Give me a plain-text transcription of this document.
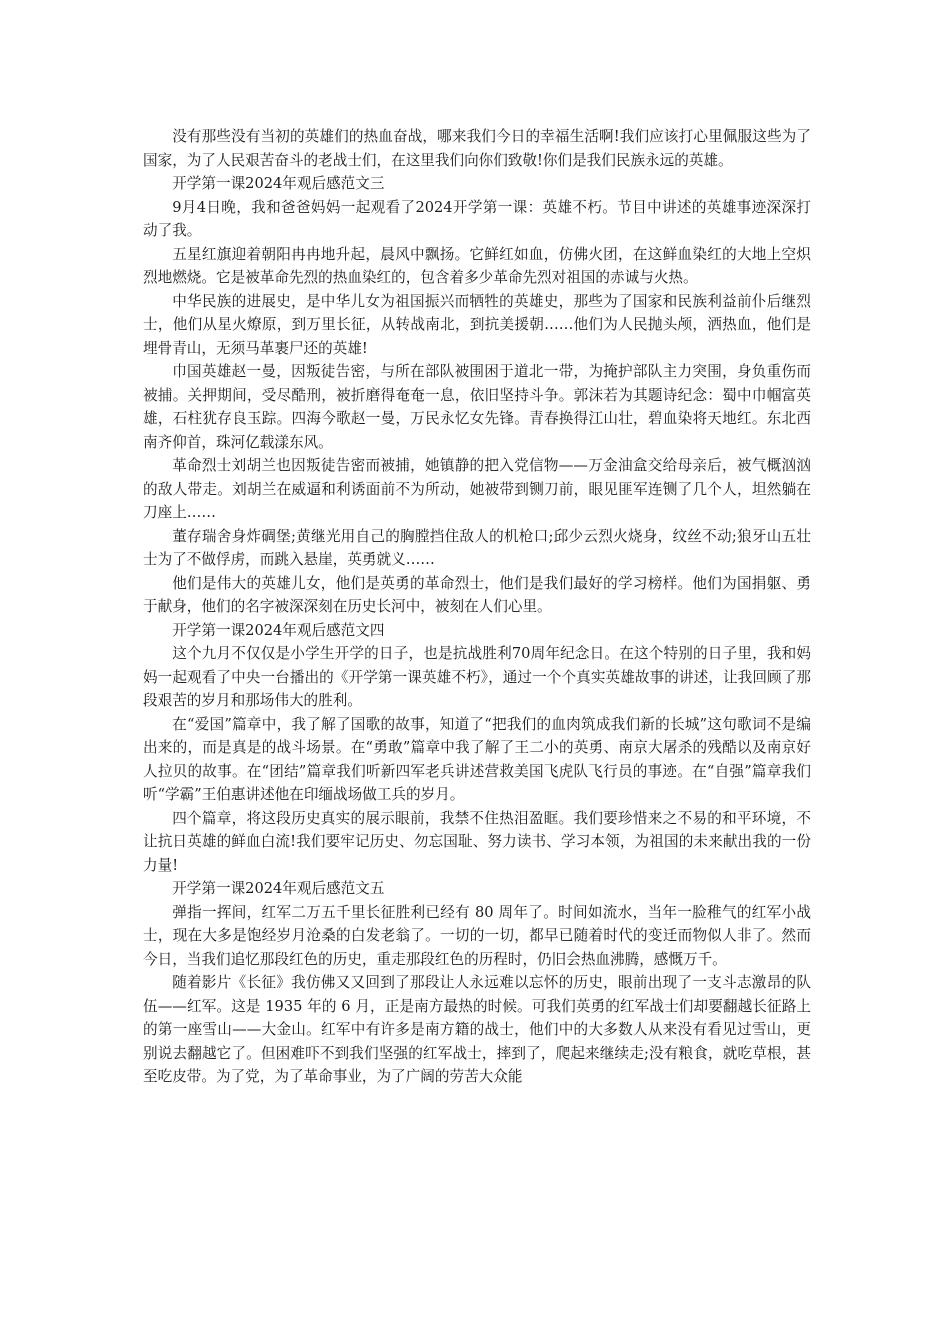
没有那些没有当初的英雄们的热血奋战，哪来我们今日的幸福生活啊!我们应该打心里佩服这些为了国家，为了人民艰苦奋斗的老战士们，在这里我们向你们致敬!你们是我们民族永远的英雄。

开学第一课2024年观后感范文三

9月4日晚，我和爸爸妈妈一起观看了2024开学第一课：英雄不朽。节目中讲述的英雄事迹深深打动了我。

五星红旗迎着朝阳冉冉地升起，晨风中飘扬。它鲜红如血，仿佛火团，在这鲜血染红的大地上空炽烈地燃烧。它是被革命先烈的热血染红的，包含着多少革命先烈对祖国的赤诚与火热。

中华民族的进展史，是中华儿女为祖国振兴而牺牲的英雄史，那些为了国家和民族利益前仆后继烈士，他们从星火燎原，到万里长征，从转战南北，到抗美援朝……他们为人民抛头颅，洒热血，他们是埋骨青山，无须马革裹尸还的英雄!

巾国英雄赵一曼，因叛徒告密，与所在部队被围困于道北一带，为掩护部队主力突围，身负重伤而被捕。关押期间，受尽酷刑，被折磨得奄奄一息，依旧坚持斗争。郭沫若为其题诗纪念：蜀中巾帼富英雄，石柱犹存良玉踪。四海今歌赵一曼，万民永忆女先锋。青春换得江山壮，碧血染将天地红。东北西南齐仰首，珠河亿载漾东风。

革命烈士刘胡兰也因叛徒告密而被捕，她镇静的把入党信物——万金油盒交给母亲后，被气概汹汹的敌人带走。刘胡兰在威逼和利诱面前不为所动，她被带到铡刀前，眼见匪军连铡了几个人，坦然躺在刀座上……

董存瑞舍身炸碉堡;黄继光用自己的胸膛挡住敌人的机枪口;邱少云烈火烧身，纹丝不动;狼牙山五壮士为了不做俘虏，而跳入悬崖，英勇就义……

他们是伟大的英雄儿女，他们是英勇的革命烈士，他们是我们最好的学习榜样。他们为国捐躯、勇于献身，他们的名字被深深刻在历史长河中，被刻在人们心里。

开学第一课2024年观后感范文四

这个九月不仅仅是小学生开学的日子，也是抗战胜利70周年纪念日。在这个特别的日子里，我和妈妈一起观看了中央一台播出的《开学第一课英雄不朽》，通过一个个真实英雄故事的讲述，让我回顾了那段艰苦的岁月和那场伟大的胜利。

在“爱国”篇章中，我了解了国歌的故事，知道了“把我们的血肉筑成我们新的长城”这句歌词不是编出来的，而是真是的战斗场景。在“勇敢”篇章中我了解了王二小的英勇、南京大屠杀的残酷以及南京好人拉贝的故事。在“团结”篇章我们听新四军老兵讲述营救美国飞虎队飞行员的事迹。在“自强”篇章我们听“学霸”王伯惠讲述他在印缅战场做工兵的岁月。

四个篇章，将这段历史真实的展示眼前，我禁不住热泪盈眶。我们要珍惜来之不易的和平环境，不让抗日英雄的鲜血白流!我们要牢记历史、勿忘国耻、努力读书、学习本领，为祖国的未来献出我的一份力量!

开学第一课2024年观后感范文五

弹指一挥间，红军二万五千里长征胜利已经有 80 周年了。时间如流水，当年一脸稚气的红军小战士，现在大多是饱经岁月沧桑的白发老翁了。一切的一切，都早已随着时代的变迁而物似人非了。然而今日，当我们追忆那段红色的历史，重走那段红色的历程时，仍旧会热血沸腾，感慨万千。

随着影片《长征》我仿佛又又回到了那段让人永远难以忘怀的历史，眼前出现了一支斗志激昂的队伍——红军。这是 1935 年的 6 月，正是南方最热的时候。可我们英勇的红军战士们却要翻越长征路上的第一座雪山——大金山。红军中有许多是南方籍的战士，他们中的大多数人从来没有看见过雪山，更别说去翻越它了。但困难吓不到我们坚强的红军战士，摔到了，爬起来继续走;没有粮食，就吃草根，甚至吃皮带。为了党，为了革命事业，为了广阔的劳苦大众能
